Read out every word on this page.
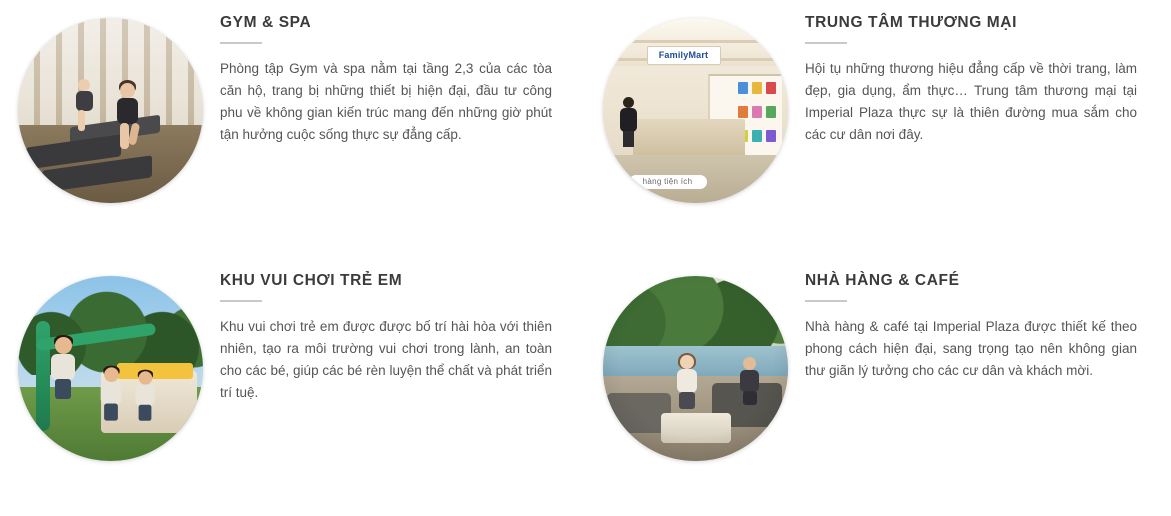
GYM & SPA

Phòng tập Gym và spa nằm tại tầng 2,3 của các tòa căn hộ, trang bị những thiết bị hiện đại, đầu tư công phu về không gian kiến trúc mang đến những giờ phút tận hưởng cuộc sống thực sự đẳng cấp.

FamilyMart
hàng tiện ích
TRUNG TÂM THƯƠNG MẠI

Hội tụ những thương hiệu đẳng cấp về thời trang, làm đẹp, gia dụng, ẩm thực… Trung tâm thương mại tại Imperial Plaza thực sự là thiên đường mua sắm cho các cư dân nơi đây.

KHU VUI CHƠI TRẺ EM

Khu vui chơi trẻ em được được bố trí hài hòa với thiên nhiên, tạo ra môi trường vui chơi trong lành, an toàn cho các bé, giúp các bé rèn luyện thể chất và phát triển trí tuệ.

NHÀ HÀNG & CAFÉ

Nhà hàng & café tại Imperial Plaza được thiết kế theo phong cách hiện đại, sang trọng tạo nên không gian thư giãn lý tưởng cho các cư dân và khách mời.
